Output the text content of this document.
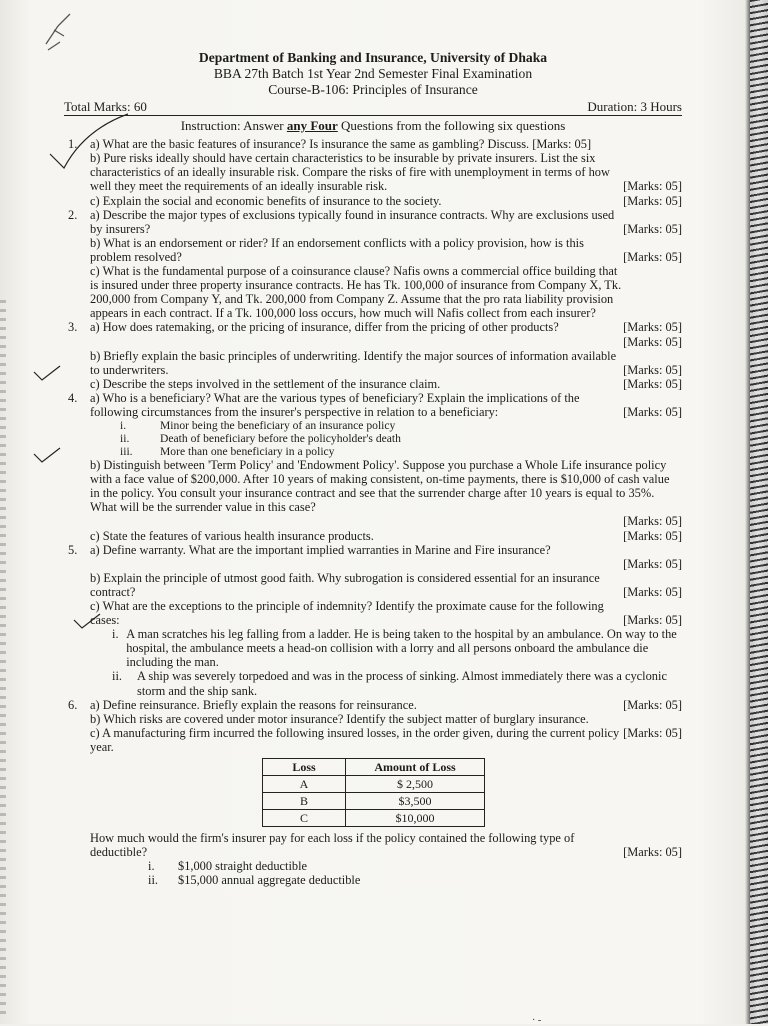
Department of Banking and Insurance, University of Dhaka
BBA 27th Batch 1st Year 2nd Semester Final Examination
Course-B-106: Principles of Insurance
Total Marks: 60	Duration: 3 Hours
Instruction: Answer any Four Questions from the following six questions
1.	a) What are the basic features of insurance? Is insurance the same as gambling? Discuss. [Marks: 05]
[Marks: 05]
b) Pure risks ideally should have certain characteristics to be insurable by private insurers. List the six characteristics of an ideally insurable risk. Compare the risks of fire with unemployment in terms of how well they meet the requirements of an ideally insurable risk.
[Marks: 05]
c) Explain the social and economic benefits of insurance to the society.
2.
[Marks: 05]
a) Describe the major types of exclusions typically found in insurance contracts. Why are exclusions used by insurers?
[Marks: 05]
b) What is an endorsement or rider? If an endorsement conflicts with a policy provision, how is this problem resolved?
[Marks: 05]
c) What is the fundamental purpose of a coinsurance clause? Nafis owns a commercial office building that is insured under three property insurance contracts. He has Tk. 100,000 of insurance from Company X, Tk. 200,000 from Company Y, and Tk. 200,000 from Company Z. Assume that the pro rata liability provision appears in each contract. If a Tk. 100,000 loss occurs, how much will Nafis collect from each insurer?
3.	a) How does ratemaking, or the pricing of insurance, differ from the pricing of other products?
[Marks: 05]
[Marks: 05]
b) Briefly explain the basic principles of underwriting. Identify the major sources of information available to underwriters.
[Marks: 05]
c) Describe the steps involved in the settlement of the insurance claim.
4.
[Marks: 05]
a) Who is a beneficiary? What are the various types of beneficiary? Explain the implications of the following circumstances from the insurer's perspective in relation to a beneficiary:
i.	Minor being the beneficiary of an insurance policy
ii.	Death of beneficiary before the policyholder's death
iii.	More than one beneficiary in a policy
b) Distinguish between 'Term Policy' and 'Endowment Policy'. Suppose you purchase a Whole Life insurance policy with a face value of $200,000. After 10 years of making consistent, on-time payments, there is $10,000 of cash value in the policy. You consult your insurance contract and see that the surrender charge after 10 years is equal to 35%. What will be the surrender value in this case?
[Marks: 05]
[Marks: 05]
c) State the features of various health insurance products.
5.	a) Define warranty. What are the important implied warranties in Marine and Fire insurance?
[Marks: 05]
[Marks: 05]
b) Explain the principle of utmost good faith. Why subrogation is considered essential for an insurance contract?
[Marks: 05]
c) What are the exceptions to the principle of indemnity? Identify the proximate cause for the following cases:
i. A man scratches his leg falling from a ladder. He is being taken to the hospital by an ambulance. On way to the hospital, the ambulance meets a head-on collision with a lorry and all persons onboard the ambulance die including the man.
ii.	A ship was severely torpedoed and was in the process of sinking. Almost immediately there was a cyclonic storm and the ship sank.
6.	[Marks: 05]
a) Define reinsurance. Briefly explain the reasons for reinsurance.
[Marks: 05]
b) Which risks are covered under motor insurance? Identify the subject matter of burglary insurance.
c) A manufacturing firm incurred the following insured losses, in the order given, during the current policy year.
Loss	Amount of Loss
A	$ 2,500
B	$3,500
C	$10,000
[Marks: 05]
How much would the firm's insurer pay for each loss if the policy contained the following type of deductible?
i.	$1,000 straight deductible
ii.	$15,000 annual aggregate deductible
· -
